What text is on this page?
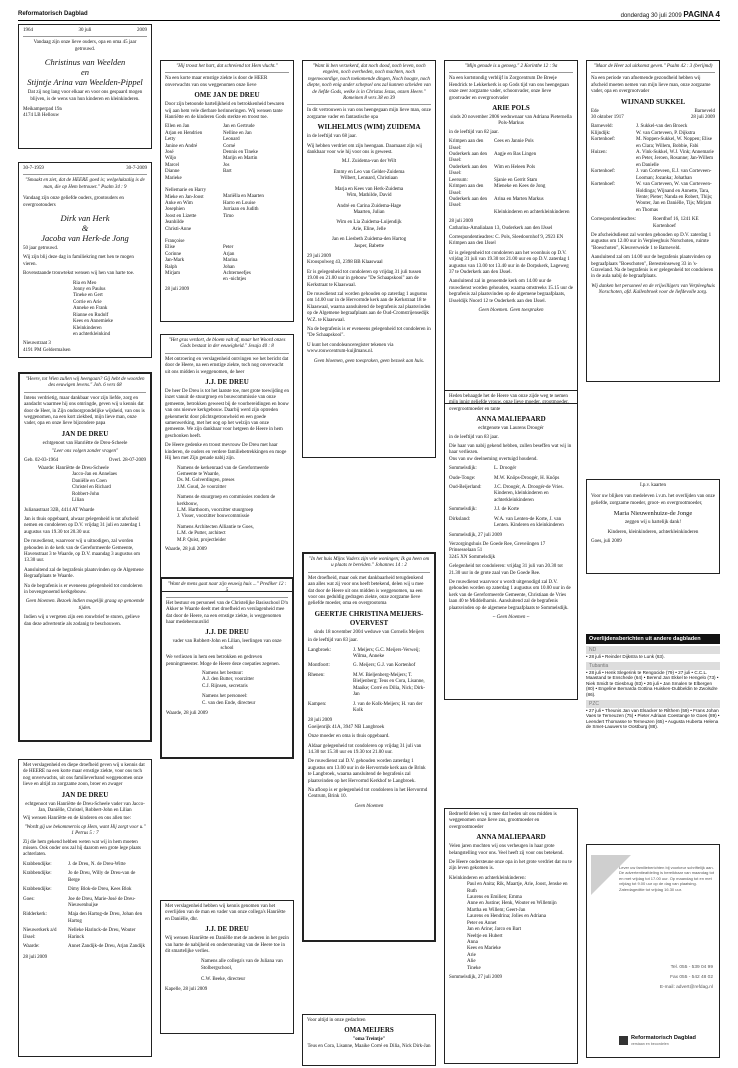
Reformatorisch Dagblad	donderdag 30 juli 2009 PAGINA 4
1964	30 juli	2009
Vandaag zijn onze lieve ouders, opa en oma 45 jaar getrouwd.
Christinus van Weelden
en
Stijntje Arina van Weelden-Pippel
Dat zij nog lang voor elkaar en voor ons gespaard mogen blijven, is de wens van hun kinderen en kleinkinderen.
Meikamperpad 19a
4174 LB Hellouw
30-7-1959	30-7-2009
"Smaakt en ziet, dat de HEERE goed is; welgelukzalig is de man, die op Hem betrouwt." Psalm 34 : 9
Vandaag zijn onze geliefde ouders, grootouders en overgrootouders
Dirk van Herk
&
Jacoba van Herk-de Jong
50 jaar getrouwd.
Wij zijn blij deze dag in familiekring met hen te mogen vieren.
Bovenstaande trouwtekst wensen wij hen van harte toe.
Ria en Meo
Jonny en Paulus
Tineke en Gert
Corrie en Arie
Anneke en Frank
Rianne en Rudolf
Kees en Annemieke
Kleinkinderen
en achterkleinkind
Nieuwstraat 3
4191 PM Geldermalsen
"Heere, tot Wien zullen wij heengaan? Gij hebt de woorden des eeuwigen levens." Joh. 6 vers 68
Intens verdrietig, maar dankbaar voor zijn liefde, zorg en aandacht waarmee hij ons omringde, geven wij u kennis dat door de Heer, in Zijn ondoorgrondelijke wijsheid, van ons is weggenomen, na een kort ziekbed, mijn lieve man, onze vader, opa en onze lieve bijzondere papa
JAN DE DREU
echtgenoot van Hanriëtte de Dreu-Scheele
"Leer ons volgen zonder vragen"
Geb. 02-03-1964	Overl. 28-07-2009
Waarde: Hanriëtte de Dreu-Scheele
Jacco-Jan en Annelaes
Daniëlle en Coen
Christel en Richard
Robbert-John
Lilian
Julianastraat 32B, 4414 AT Waarde
Jan is thuis opgebaard, alwaar gelegenheid is tot afscheid nemen en condoleren op D.V. vrijdag 31 juli en zaterdag 1 augustus van 19.30 tot 20.30 uur.
De rouwdienst, waarvoor wij u uitnodigen, zal worden gehouden in de kerk van de Gereformeerde Gemeente, Havenstraat 3 te Waarde, op D.V. maandag 3 augustus om 13.30 uur.
Aansluitend zal de begrafenis plaatsvinden op de Algemene Begraafplaats te Waarde.
Na de begrafenis is er eveneens gelegenheid tot condoleren in bovengenoemd kerkgebouw.
Geen bloemen. Bezoek indien mogelijk graag op genoemde tijden.
Indien wij u vergeten zijn een rouwbrief te sturen, gelieve dan deze advertentie als zodanig te beschouwen.
Met verslagenheid en diepe droefheid geven wij u kennis dat de HEERE na een korte maar ernstige ziekte, voor ons toch nog onverwachts, uit ons familieverband weggenomen onze lieve en altijd zo zorgzame zoon, broer en zwager
JAN DE DREU
echtgenoot van Hanriëtte de Dreu-Scheele vader van Jacco-Jan, Daniëlle, Christel, Robbert-John en Lilian
Wij wensen Hanriëtte en de kinderen en ons allen toe:
"Wordt gij uw bekommernis op Hem, want Hij zorgt voor u." 1 Petrus 5 : 7
Zij die hem gekend hebben weten wat wij in hem moeten missen. Ook onder ons zal hij daarom een grote lege plaats achterlaten.
Krabbendijke:	J. de Dreu, N. de Dreu-Witte
Krabbendijke:	Jo de Dreu, Willy de Dreu-van de Berge
Krabbendijke:	Dimy Blok-de Dreu, Kees Blok
Goes:	Joe de Dreu, Marie-José de Dreu-Nieuwenhuijse
Ridderkerk:	Maja den Hartog-de Dreu, Johan den Hartog
Nieuwerkerk a/d IJssel:
Nelleke Harinck-de Dreu, Wouter Harinck
Waarde:	Annet Zandijk-de Dreu, Arjan Zandijk
28 juli 2009
"Hij troost het hart, dat schreiend tot Hem vlucht."
Na een korte maar ernstige ziekte is door de HEER onverwachts van ons weggenomen onze lieve
OME JAN DE DREU
Door zijn betoonde hartelijkheid en betrokkenheid bewaren wij aan hem vele dierbare herinneringen. Wij wensen tante Hanriëtte en de kinderen Gods sterkte en troost toe.
Ellen en Jan
Arjan en Hendrien
Letty
Janine en André
José
Wiljo
Marcel
Dianne
Marieke
Nellemarie en Harry
Mieke en Jan-Joost
Anke en Wim
Josephien
Joost en Lizette
Jeanhilde
Christi-Anne
Françoise
Elise
Corinne
Jan-Mark
Ralph
Mirjam
Jan en Gertrude
Nelline en Jan
Leonard
Corné
Dennis en Tineke
Marijn en Martin
Jos
Bart
Mariëlla en Maarten
Harro en Louise
Jurriaan en Judith
Timo
Peter
Arjan
Marina
Johan
Achterneefjes
en -nichtjes
28 juli 2009
"Het gras verdort, de bloem valt af, maar het Woord onzes Gods bestaat in der eeuwigheid." Jesaja 40 : 8
Met ontroering en verslagenheid ontvingen we het bericht dat door de Heere, na een ernstige ziekte, toch nog onverwacht uit ons midden is weggenomen, de heer
J.J. DE DREU
De heer De Dreu is tot het laatste toe, met grote toewijding en inzet vanuit de stuurgroep en bouwcommissie van onze gemeente, betrokken geweest bij de voorbereidingen en bouw van ons nieuwe kerkgebouw. Daarbij werd zijn optreden gekenmerkt door plichtsgetrouwheid en een goede samenwerking, met het oog op het welzijn van onze gemeente. We zijn dankbaar voor hetgeen de Heere in hem geschonken heeft.
De Heere gedenke en troost mevrouw De Dreu met haar kinderen, de ouders en verdere familiebetrekkingen en moge Hij hen met Zijn genade nabij zijn.
Namens de kerkenraad van de Gereformeerde Gemeente te Waarde,
Ds. M. Golverdingen, preses
J.M. Goud, 2e voorzitter
Namens de stuurgroep en commissies rondom de kerkbouw,
L.M. Harthoorn, voorzitter stuurgroep
J. Visser, voorzitter bouwcommissie
Namens Architecten Alliantie te Goes,
L.M. de Putter, architect
M.P. Quist, projectleider
Waarde, 28 juli 2009
"Want de mens gaat naar zijn eeuwig huis ..." Prediker 12 : 5
Het bestuur en personeel van de Christelijke Basisschool D'n Akker te Waarde deelt met droefheid en verslagenheid mee dat door de Heere, na een ernstige ziekte, is weggenomen haar medebestuurslid
J.J. DE DREU
vader van Robbert-John en Lilian, leerlingen van onze school
We verliezen in hem een betrokken en gedreven penningmeester. Moge de Heere deze coepaties zegenen.
Namens het bestuur:
A.J. den Butter, voorzitter
C.J. Rijnsen, secretaris
Namens het personeel:
C. van den Ende, directeur
Waarde, 28 juli 2009
Met verslagenheid hebben wij kennis genomen van het overlijden van de man en vader van onze collega's Hanriëtte en Daniëlle, dhr.
J.J. DE DREU
Wij wensen Hanriëtte en Daniëlle met de anderen in het gezin van harte de nabijheid en ondersteuning van de Heere toe in dit smartelijke verlies.
Namens alle collega's van de Juliana van Stolbergschool,
C.W. Beeke, directeur
Kapelle, 28 juli 2009
"Want ik ben verzekerd, dat noch dood, noch leven, noch engelen, noch overheden, noch machten, noch tegenwoordige, noch toekomende dingen, Noch hoogte, noch diepte, noch enig ander schepsel ons zal kunnen scheiden van de liefde Gods, welke is in Christus Jezus, onzen Heere." Romeinen 8 vers 38 en 39
In dit vertrouwen is van ons heengegaan mijn lieve man, onze zorgzame vader en fantastische opa
WILHELMUS (WIM) ZUIDEMA
in de leeftijd van 68 jaar.
Wij hebben verdriet om zijn heengaan. Daarnaast zijn wij dankbaar voor wie hij voor ons is geweest.
M.J. Zuidema-van der Wilt
Emmy en Leo van Gelder-Zuidema
Wilbert, Lennard, Christiaan
Marja en Kees van Herk-Zuidema
Wim, Mathilde, David
André en Carina Zuidema-Hage
Maarten, Julian
Wim en Lia Zuidema-Luijendijk
Arie, Eline, Jelle
Jan en Liesbeth Zuidema-den Hartog
Jasper, Babette
29 juli 2009
Kroospolweg 43, 2398 BB Klaaswaal
Er is gelegenheid tot condoleren op vrijdag 31 juli tussen 19.00 en 21.00 uur in gebouw "De Schaapskooi" aan de Kerkstraat te Klaaswaal.
De rouwdienst zal worden gehouden op zaterdag 1 augustus om 14.00 uur in de Hervormde kerk aan de Kerkstraat 18 te Klaaswaal, waarna aansluitend de begrafenis zal plaatsvinden op de Algemene begraafplaats aan de Oud-Cromstrijensedijk W.Z. te Klaaswaal.
Na de begrafenis is er eveneens gelegenheid tot condoleren in "De Schaapskooi".
U kunt het condoleanceregister tekenen via www.rouwcentrum-kuijlmans.nl.
Geen bloemen, geen toespraken, geen bezoek aan huis.
"In het huis Mijns Vaders zijn vele woningen; Ik ga heen om u plaats te bereiden." Johannes 14 : 2
Met droefheid, maar ook met dankbaarheid terugdenkend aan alles wat zij voor ons heeft betekend, delen wij u mee dat door de Heere uit ons midden is weggenomen, na een voor ons geduldig gedragen ziekte, onze zorgzame lieve geliefde moeder, oma en overgrootoma
GEERTJE CHRISTINA MEIJERS-OVERVEST
sinds 18 november 2004 weduwe van Cornelis Meijers
in de leeftijd van 83 jaar.
Langbroek:	J. Meijers; G.C. Meijers-Verweij; Wilma, Anneke
Montfoort:	G. Meijers; G.J. van Kortenhof
Rhenen:	M.W. Bieljenberg-Meijers; T. Bieljenberg; Teus en Cora, Lisanne, Maaike; Corré en Dilia, Nick; Dirk-Jan
Kampen:	J. van de Kolk-Meijers; H. van der Kolk
28 juli 2009
Goeijenrijk 41A, 3947 NB Langbroek
Onze moeder en oma is thuis opgebaard.
Aldaar gelegenheid tot condoleren op vrijdag 31 juli van 14.30 tot 15.30 uur en 19.30 tot 21.00 uur.
De rouwdienst zal D.V. gehouden worden zaterdag 1 augustus om 13.00 uur in de Hervormde kerk aan de Brink te Langbroek, waarna aansluitend de begrafenis zal plaatsvinden op het Hervormd Kerkhof te Langbroek.
Na afloop is er gelegenheid tot condoleren in het Hervormd Centrum, Brink 10.
Geen bloemen
Voor altijd in onze gedachten
OMA MEIJERS
"oma Treintje"
Teus en Cora, Lisanne, Maaike Corré en Dilia, Nick Dirk-Jan
"Mijn genade is u genoeg." 2 Korinthe 12 : 9a
Na een kortstondig verblijf in Zorgcentrum De Breeje Hendrick te Lekkerkerk is op Gods tijd van ons heengegaan onze zeer zorgzame vader, schoonvader, onze lieve grootvader en overgrootvader
ARIE POLS
sinds 20 november 2006 weduwnaar van Adriana Pieternella Pols-Markus
in de leeftijd van 82 jaar.
Krimpen aan den IJssel:
Cees en Jannie Pols
Ouderkerk aan den IJssel:
Aagje en Bas Lingen
Ouderkerk aan den IJssel:
Wim en Heleen Pols
Leersum:	Sjanie en Gerrit Stam
Krimpen aan den IJssel:
Mieneke en Kees de Jong
Ouderkerk aan den IJssel:
Arina en Marten Markus
Kleinkinderen en achterkleinkinderen
28 juli 2009
Catharina-Amalialaan 13, Ouderkerk aan den IJssel
Correspondentieadres: C. Pols, Sleedoornhof 9, 2923 EN Krimpen aan den IJssel
Er is gelegenheid tot condoleren aan het woonhuis op D.V. vrijdag 31 juli van 19.30 tot 21.00 uur en op D.V. zaterdag 1 augustus van 13.00 tot 13.40 uur in de Dorpskerk, Lageweg 37 te Ouderkerk aan den IJssel.
Aansluitend zal in genoemde kerk om 14.00 uur de rouwdienst worden gehouden, waarna omstreeks 15.15 uur de begrafenis zal plaatsvinden op de algemene begraafplaats, IJsseldijk Noord 12 te Ouderkerk aan den IJssel.
Geen bloemen. Geen toespraken
Heden behaagde het de Heere van onze zijde weg te nemen mijn innig geliefde vrouw, onze lieve moeder, grootmoeder, overgrootmoeder en tante
ANNA MALIEPAARD
echtgenote van Laurens Droogér
in de leeftijd van 83 jaar.
Die haar van nabij gekend hebben, zullen beseffen wat wij in haar verliezen.
Ons van uw deelneming overtuigd houdend.
Sommelsdijk:	L. Droogér
Oude-Tonge:	M.W. Knöps-Droogér, H. Knöps
Oud-Beijerland:	J.C. Droogér, A. Droogér-de Vries. Kinderen, kleinkinderen en achterkleinkinderen
Sommelsdijk:	J.J. de Korte
Dirksland:	W.A. van Lenten-de Korte, J. van Lenten. Kinderen en kleinkinderen
Sommelsdijk, 27 juli 2009
Verzorgingshuis De Goede Ree, Greveiingen 17
Prinsesselaan 51
3245 XN Sommelsdijk
Gelegenheid tot condoleren: vrijdag 31 juli van 20.30 tot 21.30 uur in de grote zaal van De Goede Ree.
De rouwdienst waarvoor u wordt uitgenodigd zal D.V. gehouden worden op zaterdag 1 augustus om 10.00 uur in de kerk van de Gereformeerde Gemeente, Christiaan de Vries laan 40 te Middelharnis. Aansluitend zal de begrafenis plaatsvinden op de algemene begraafplaats te Sommelsdijk.
~ Geen bloemen ~
Bedroefd delen wij u mee dat heden uit ons midden is weggenomen onze lieve zus, grootmoeder en overgrootmoeder
ANNA MALIEPAARD
Velen jaren mochten wij ons verheugen in haar grote belangstelling voor ons. Veel heeft zij voor ons betekend.
De Heere ondersteune onze opa in het grote verdriet dat nu te zijn leven gekomen is.
Kleinkinderen en achterkleinkinderen:
Paul en Anita; Rik, Maartje, Arie, Joost, Jenske en Ruth
Laurens en Emilien; Emma
Anne en Justine; Henk, Wouter en Willemijn
Martha en Willem; Geert-Jan
Laurens en Hendrina; Jolies en Adriana
Peter en Annet
Jan en Arine; Jarco en Bart
Neeltje en Hubert
Anna
Kees en Marieke
Arie
Alie
Tineke
Sommelsdijk, 27 juli 2009
"Maar de Heer zal uitkomst geven." Psalm 42 : 3 (berijmd)
Na een periode van afnemende gezondheid hebben wij afscheid moeten nemen van mijn lieve man, onze zorgzame vader, opa en overgrootvader
WIJNAND SUKKEL
Ede
30 oktober 1917
Barneveld
28 juli 2009
Barneveld:	J. Sukkel-van den Broeck
Klijndijk:	W. van Corteveen, P. Dijkstra
Kortenhoef:	M. Noppen-Sukkel, W. Noppen; Elise en Clara; Willem, Bobbie, Fabi
Huizen:	A. Vink-Sukkel, W.J. Vink; Annemarie en Peter, Jeroen, Rosanne; Jan-Willem en Danielle
Kortenhoef:	J. van Corteveen, E.J. van Corteveen-Looman; Jozanka; Johathan
Kortenhoef:	W. van Corteveen, W. van Corteveen-Holdinga; Wijnand en Annette, Tara, Yente; Pieter; Nanda en Robert, Thijs; Wouter, Jan en Daniëlle, Tijs; Mirjam en Thomas
Correspondentieadres:	Roerdhof 16, 1241 KE Kortenhoef
De afscheidsdienst zal worden gehouden op D.V. zaterdag 1 augustus om 12.00 uur in Verpleeghuis Norschoten, ruimte "Boeschoten", Kleuverweide 1 te Barneveld.
Aansluitend zal om 14.00 uur de begrafenis plaatsvinden op begraafplaats "Boeschoten", Beresteinseweg 33 in 's-Graveland. Na de begrafenis is er gelegenheid tot condoleren in de aula nabij de begraafplaats.
Wij danken het personeel en de vrijwilligers van Verpleeghuis Norschoten, afd. Kallenbroek voor de liefdevolle zorg.
I.p.v. kaarten
Voor uw blijken van medeleven i.v.m. het overlijden van onze geliefde, zorgzame moeder, groot- en overgrootmoeder,
Maria Nieuwenhuize-de Jonge
zeggen wij u hartelijk dank!
Kinderen, kleinkinderen, achterkleinkinderen
Goes, juli 2009
Overlijdensberichten uit andere dagbladen
ND
• 28 juli • Reinder Dijkstra te Lunk (63).
Tubantia
• 28 juli • Henk Slegerink te Rengocide (79) • 27 juli • C.C.L. Maastand te Enschede (64) • Berend Jan Ekkel te Hengelo (73) • Niek Smidt te Giesbrug (83) • 26 juli • Jan Smalen te Elbergen (80) • Engeline Bernarda Gottina Huisken-Dubbeldin te Zwolsdre (86).
PZC
• 27 juli • Theunis Jan van Elsacker te Rilthem (59) • Frans Johan Vaes te Terneuzen (75) • Pieter Adriaan Coestange te Goes (89) • Leendert Thomasse te Terneuzen (65) • Augusta Huberta Helena de Smet-Lauwers te Oostburg (88).
Lever uw familieberichten bij voorkeur schriftelijk aan. De advertentieafdeling is bereikbaar van maandag tot en met vrijdag tot 17.00 uur. Op maandag tot en met vrijdag tot 9.00 uur op de dag van plaatsing. Zaterdageditie tot vrijdag 16.30 uur.
Tel. 055 - 539 04 99
Fax 055 - 542 48 02
E-mail: advert@refdag.nl
Reformatorisch Dagblad
verstaan en beoordelen
